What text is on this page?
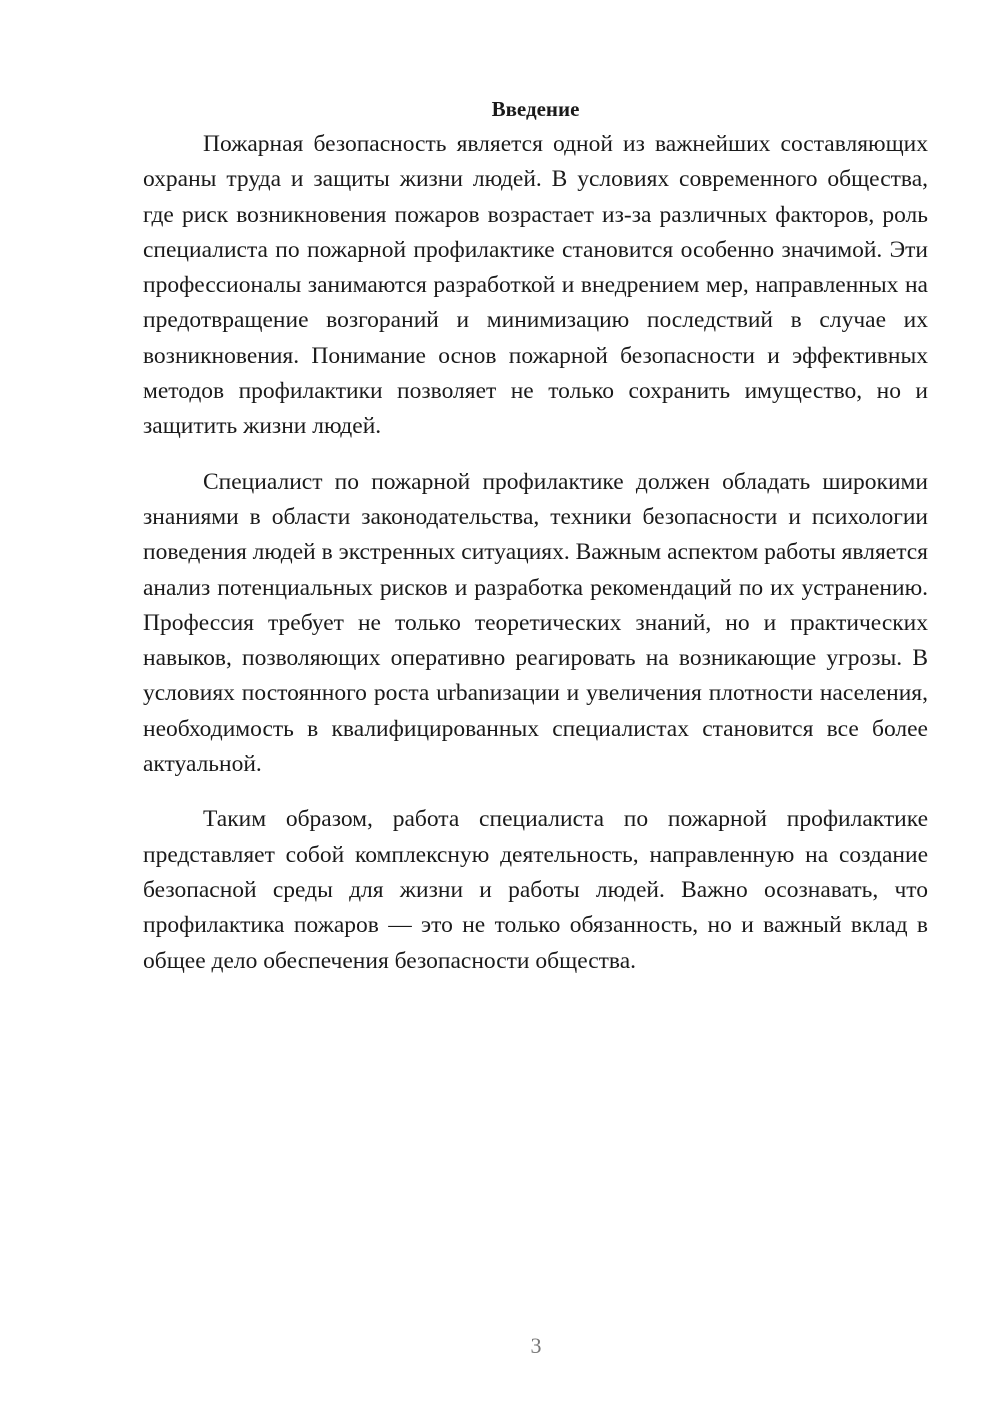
Введение

Пожарная безопасность является одной из важнейших составляющих охраны труда и защиты жизни людей. В условиях современного общества, где риск возникновения пожаров возрастает из-за различных факторов, роль специалиста по пожарной профилактике становится особенно значимой. Эти профессионалы занимаются разработкой и внедрением мер, направленных на предотвращение возгораний и минимизацию последствий в случае их возникновения. Понимание основ пожарной безопасности и эффективных методов профилактики позволяет не только сохранить имущество, но и защитить жизни людей.

Специалист по пожарной профилактике должен обладать широкими знаниями в области законодательства, техники безопасности и психологии поведения людей в экстренных ситуациях. Важным аспектом работы является анализ потенциальных рисков и разработка рекомендаций по их устранению. Профессия требует не только теоретических знаний, но и практических навыков, позволяющих оперативно реагировать на возникающие угрозы. В условиях постоянного роста urbanизации и увеличения плотности населения, необходимость в квалифицированных специалистах становится все более актуальной.

Таким образом, работа специалиста по пожарной профилактике представляет собой комплексную деятельность, направленную на создание безопасной среды для жизни и работы людей. Важно осознавать, что профилактика пожаров — это не только обязанность, но и важный вклад в общее дело обеспечения безопасности общества.

3
